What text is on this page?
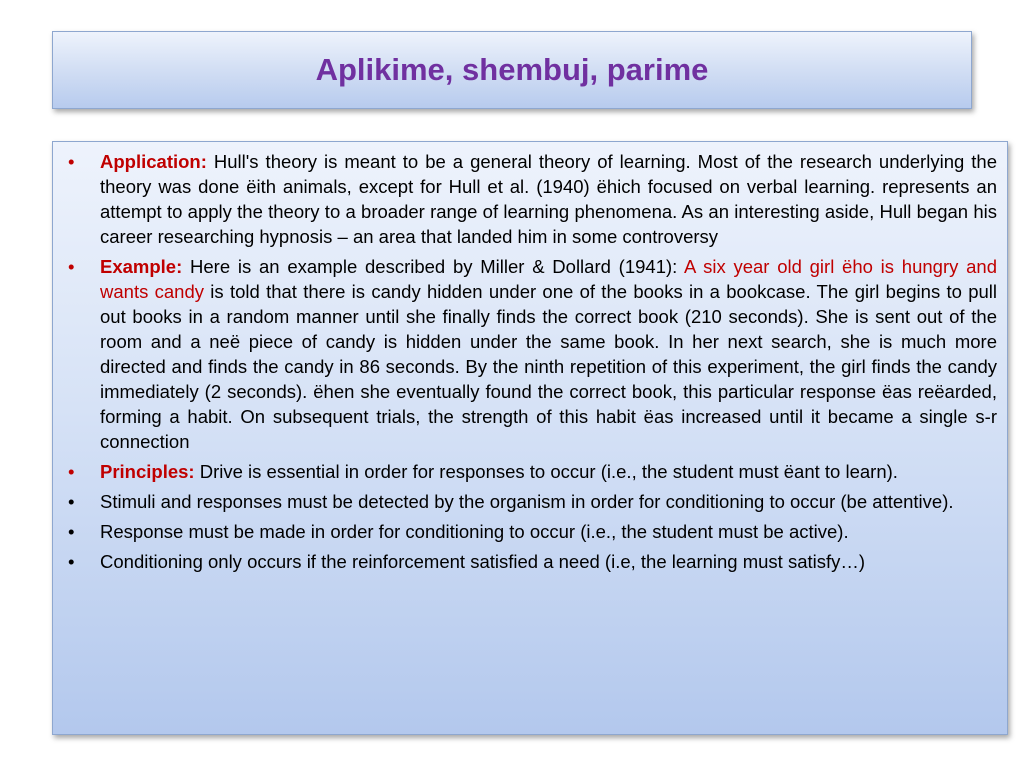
Aplikime, shembuj, parime
• Application: Hull's theory is meant to be a general theory of learning. Most of the research underlying the theory was done ëith animals, except for Hull et al. (1940) ëhich focused on verbal learning. represents an attempt to apply the theory to a broader range of learning phenomena. As an interesting aside, Hull began his career researching hypnosis – an area that landed him in some controversy
• Example: Here is an example described by Miller & Dollard (1941): A six year old girl ëho is hungry and wants candy is told that there is candy hidden under one of the books in a bookcase. The girl begins to pull out books in a random manner until she finally finds the correct book (210 seconds). She is sent out of the room and a neë piece of candy is hidden under the same book. In her next search, she is much more directed and finds the candy in 86 seconds. By the ninth repetition of this experiment, the girl finds the candy immediately (2 seconds). ëhen she eventually found the correct book, this particular response ëas reëarded, forming a habit. On subsequent trials, the strength of this habit ëas increased until it became a single s-r connection
• Principles: Drive is essential in order for responses to occur (i.e., the student must ëant to learn).
• Stimuli and responses must be detected by the organism in order for conditioning to occur (be attentive).
• Response must be made in order for conditioning to occur (i.e., the student must be active).
• Conditioning only occurs if the reinforcement satisfied a need (i.e, the learning must satisfy…)
